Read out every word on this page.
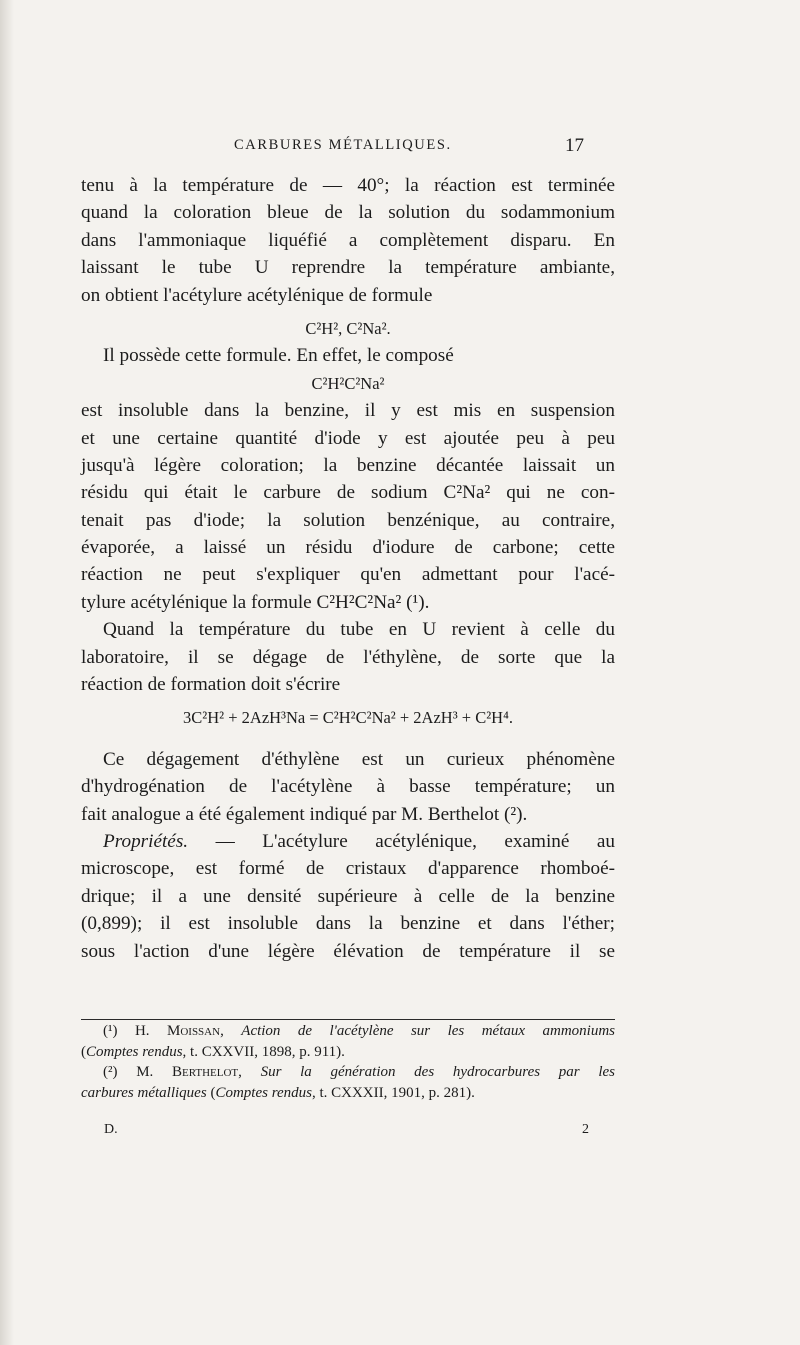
CARBURES MÉTALLIQUES.	17
tenu à la température de — 40°; la réaction est terminée
quand la coloration bleue de la solution du sodammonium
dans l'ammoniaque liquéfié a complètement disparu. En
laissant le tube U reprendre la température ambiante,
on obtient l'acétylure acétylénique de formule
C²H², C²Na².
Il possède cette formule. En effet, le composé
C²H²C²Na²
est insoluble dans la benzine, il y est mis en suspension
et une certaine quantité d'iode y est ajoutée peu à peu
jusqu'à légère coloration; la benzine décantée laissait un
résidu qui était le carbure de sodium C²Na² qui ne con-
tenait pas d'iode; la solution benzénique, au contraire,
évaporée, a laissé un résidu d'iodure de carbone; cette
réaction ne peut s'expliquer qu'en admettant pour l'acé-
tylure acétylénique la formule C²H²C²Na² (¹).
Quand la température du tube en U revient à celle du
laboratoire, il se dégage de l'éthylène, de sorte que la
réaction de formation doit s'écrire
3C²H² + 2AzH³Na = C²H²C²Na² + 2AzH³ + C²H⁴.
Ce dégagement d'éthylène est un curieux phénomène
d'hydrogénation de l'acétylène à basse température; un
fait analogue a été également indiqué par M. Berthelot (²).
Propriétés. — L'acétylure acétylénique, examiné au
microscope, est formé de cristaux d'apparence rhomboé-
drique; il a une densité supérieure à celle de la benzine
(0,899); il est insoluble dans la benzine et dans l'éther;
sous l'action d'une légère élévation de température il se
(¹) H. Moissan, Action de l'acétylène sur les métaux ammoniums
(Comptes rendus, t. CXXVII, 1898, p. 911).
(²) M. Berthelot, Sur la génération des hydrocarbures par les
carbures métalliques (Comptes rendus, t. CXXXII, 1901, p. 281).
D.	2
